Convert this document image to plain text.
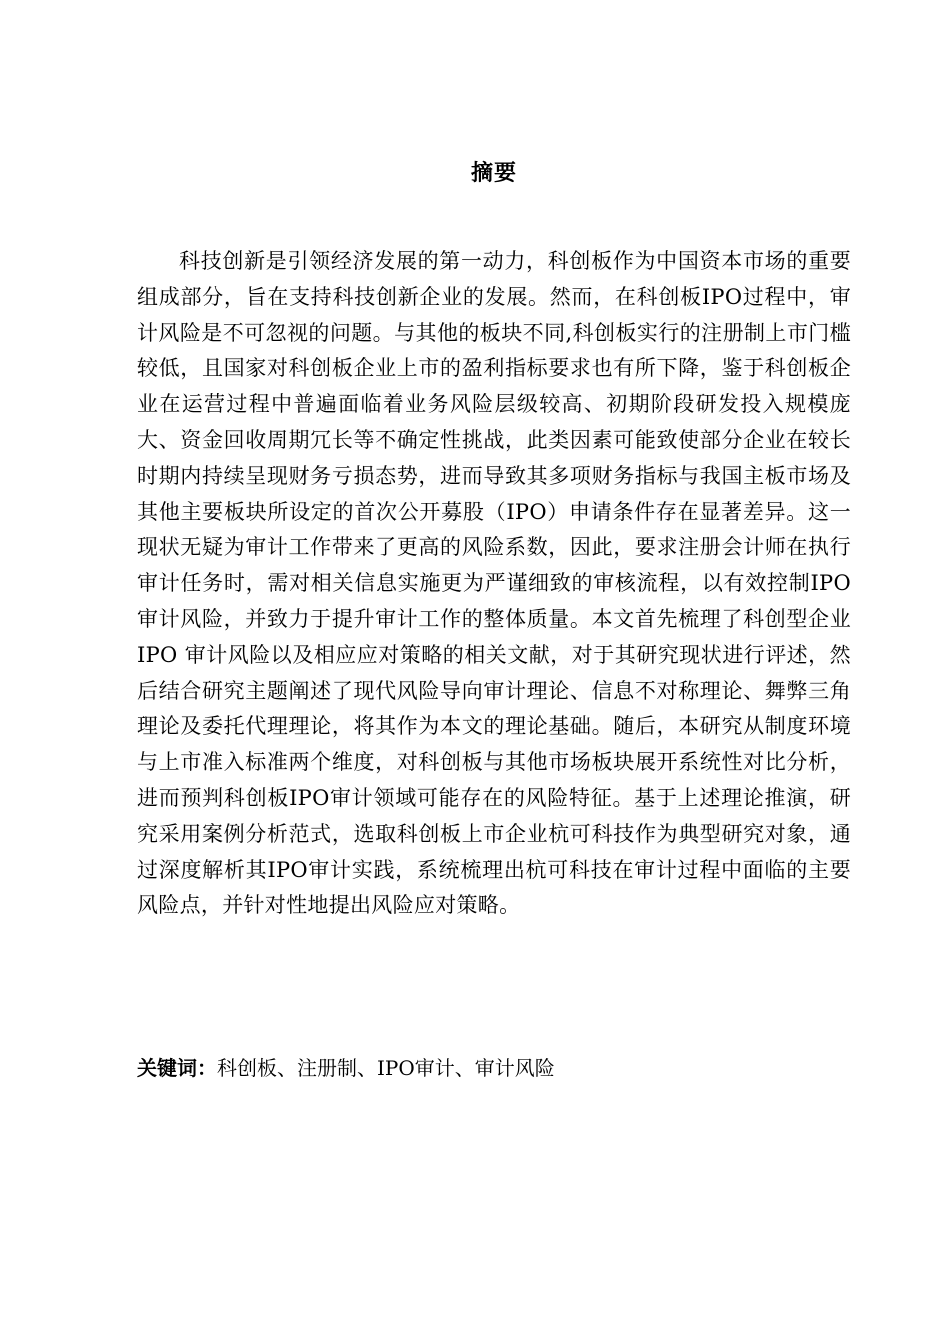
摘要

科技创新是引领经济发展的第一动力，科创板作为中国资本市场的重要组成部分，旨在支持科技创新企业的发展。然而，在科创板IPO过程中，审计风险是不可忽视的问题。与其他的板块不同,科创板实行的注册制上市门槛较低，且国家对科创板企业上市的盈利指标要求也有所下降，鉴于科创板企业在运营过程中普遍面临着业务风险层级较高、初期阶段研发投入规模庞大、资金回收周期冗长等不确定性挑战，此类因素可能致使部分企业在较长时期内持续呈现财务亏损态势，进而导致其多项财务指标与我国主板市场及其他主要板块所设定的首次公开募股（IPO）申请条件存在显著差异。这一现状无疑为审计工作带来了更高的风险系数，因此，要求注册会计师在执行审计任务时，需对相关信息实施更为严谨细致的审核流程，以有效控制IPO审计风险，并致力于提升审计工作的整体质量。本文首先梳理了科创型企业IPO 审计风险以及相应应对策略的相关文献，对于其研究现状进行评述，然后结合研究主题阐述了现代风险导向审计理论、信息不对称理论、舞弊三角理论及委托代理理论，将其作为本文的理论基础。随后，本研究从制度环境与上市准入标准两个维度，对科创板与其他市场板块展开系统性对比分析，进而预判科创板IPO审计领域可能存在的风险特征。基于上述理论推演，研究采用案例分析范式，选取科创板上市企业杭可科技作为典型研究对象，通过深度解析其IPO审计实践，系统梳理出杭可科技在审计过程中面临的主要风险点，并针对性地提出风险应对策略。

关键词：科创板、注册制、IPO审计、审计风险
